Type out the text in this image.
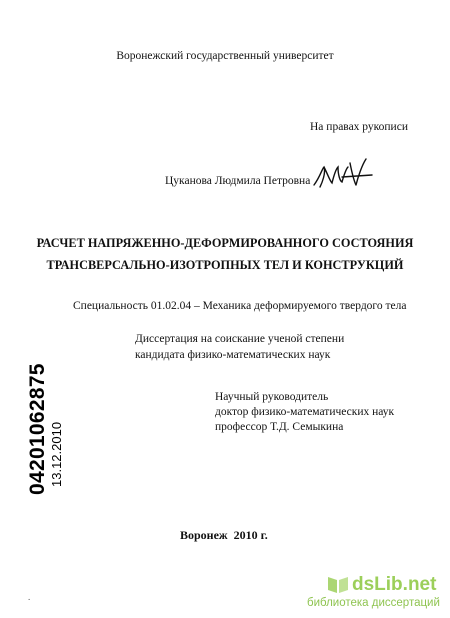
Воронежский государственный университет
На правах рукописи
Цуканова Людмила Петровна
РАСЧЕТ НАПРЯЖЕННО-ДЕФОРМИРОВАННОГО СОСТОЯНИЯ
ТРАНСВЕРСАЛЬНО-ИЗОТРОПНЫХ ТЕЛ И КОНСТРУКЦИЙ
Специальность 01.02.04 – Механика деформируемого твердого тела
Диссертация на соискание ученой степени
кандидата физико-математических наук
Научный руководитель
доктор физико-математических наук
профессор Т.Д. Семыкина
Воронеж 2010 г.
04201062875 13.12.2010
.
dsLib.net
библиотека диссертаций
